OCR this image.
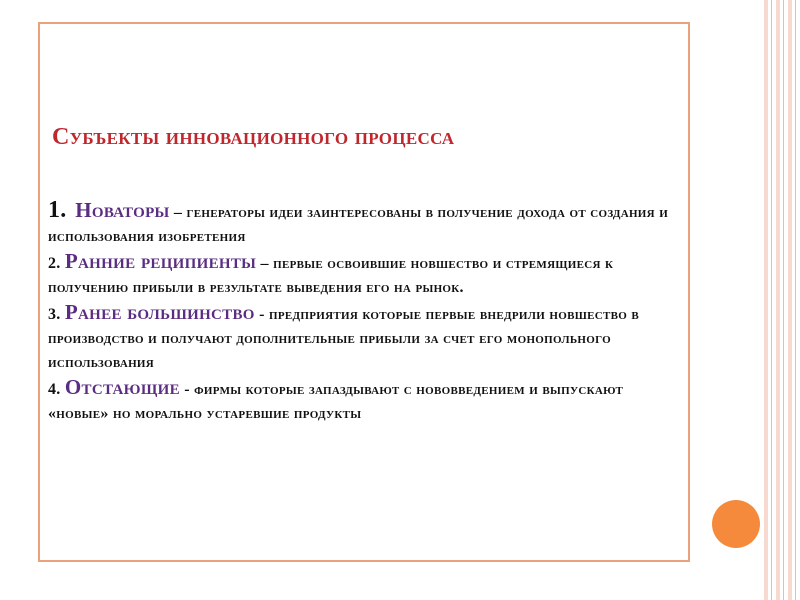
Субъекты инновационного процесса

1. Новаторы – генераторы идеи заинтересованы в получение дохода от создания и использования изобретения

2. Ранние реципиенты – первые освоившие новшество и стремящиеся к получению прибыли в результате выведения его на рынок.

3. Ранее большинство - предприятия которые первые внедрили новшество в производство и получают дополнительные прибыли за счет его монопольного использования

4. Отстающие - фирмы которые запаздывают с нововведением и выпускают «новые» но морально устаревшие продукты
